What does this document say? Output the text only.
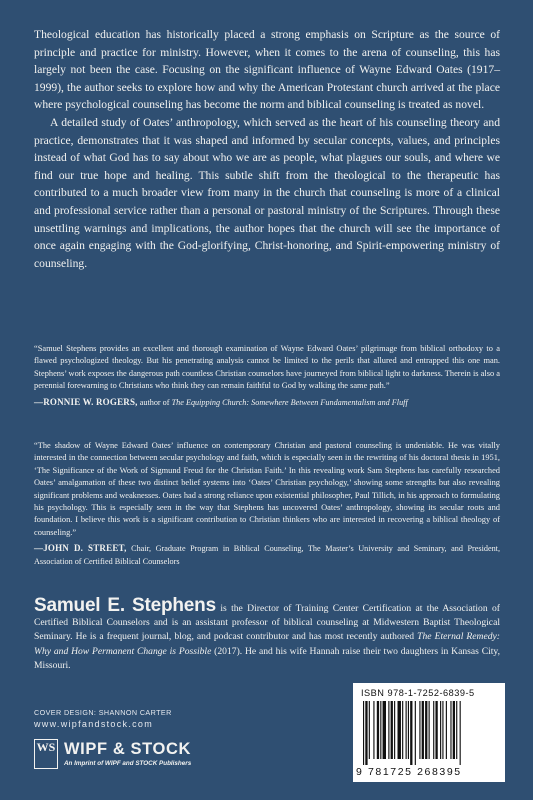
Theological education has historically placed a strong emphasis on Scripture as the source of principle and practice for ministry. However, when it comes to the arena of counseling, this has largely not been the case. Focusing on the significant influence of Wayne Edward Oates (1917–1999), the author seeks to explore how and why the American Protestant church arrived at the place where psychological counseling has become the norm and biblical counseling is treated as novel.

A detailed study of Oates’ anthropology, which served as the heart of his counseling theory and practice, demonstrates that it was shaped and informed by secular concepts, values, and principles instead of what God has to say about who we are as people, what plagues our souls, and where we find our true hope and healing. This subtle shift from the theological to the therapeutic has contributed to a much broader view from many in the church that counseling is more of a clinical and professional service rather than a personal or pastoral ministry of the Scriptures. Through these unsettling warnings and implications, the author hopes that the church will see the importance of once again engaging with the God-glorifying, Christ-honoring, and Spirit-empowering ministry of counseling.

“Samuel Stephens provides an excellent and thorough examination of Wayne Edward Oates’ pilgrimage from biblical orthodoxy to a flawed psychologized theology. But his penetrating analysis cannot be limited to the perils that allured and entrapped this one man. Stephens’ work exposes the dangerous path countless Christian counselors have journeyed from biblical light to darkness. Therein is also a perennial forewarning to Christians who think they can remain faithful to God by walking the same path.”

—RONNIE W. ROGERS, author of The Equipping Church: Somewhere Between Fundamentalism and Fluff

“The shadow of Wayne Edward Oates’ influence on contemporary Christian and pastoral counseling is undeniable. He was vitally interested in the connection between secular psychology and faith, which is especially seen in the rewriting of his doctoral thesis in 1951, ‘The Significance of the Work of Sigmund Freud for the Christian Faith.’ In this revealing work Sam Stephens has carefully researched Oates’ amalgamation of these two distinct belief systems into ‘Oates’ Christian psychology,’ showing some strengths but also revealing significant problems and weaknesses. Oates had a strong reliance upon existential philosopher, Paul Tillich, in his approach to formulating his psychology. This is especially seen in the way that Stephens has uncovered Oates’ anthropology, showing its secular roots and foundation. I believe this work is a significant contribution to Christian thinkers who are interested in recovering a biblical theology of counseling.”

—JOHN D. STREET, Chair, Graduate Program in Biblical Counseling, The Master’s University and Seminary, and President, Association of Certified Biblical Counselors

Samuel E. Stephens is the Director of Training Center Certification at the Association of Certified Biblical Counselors and is an assistant professor of biblical counseling at Midwestern Baptist Theological Seminary. He is a frequent journal, blog, and podcast contributor and has most recently authored The Eternal Remedy: Why and How Permanent Change is Possible (2017). He and his wife Hannah raise their two daughters in Kansas City, Missouri.
COVER DESIGN: SHANNON CARTER
www.wipfandstock.com
WS WIPF & STOCK
An Imprint of WIPF and STOCK Publishers
ISBN 978-1-7252-6839-5
9 781725 268395
